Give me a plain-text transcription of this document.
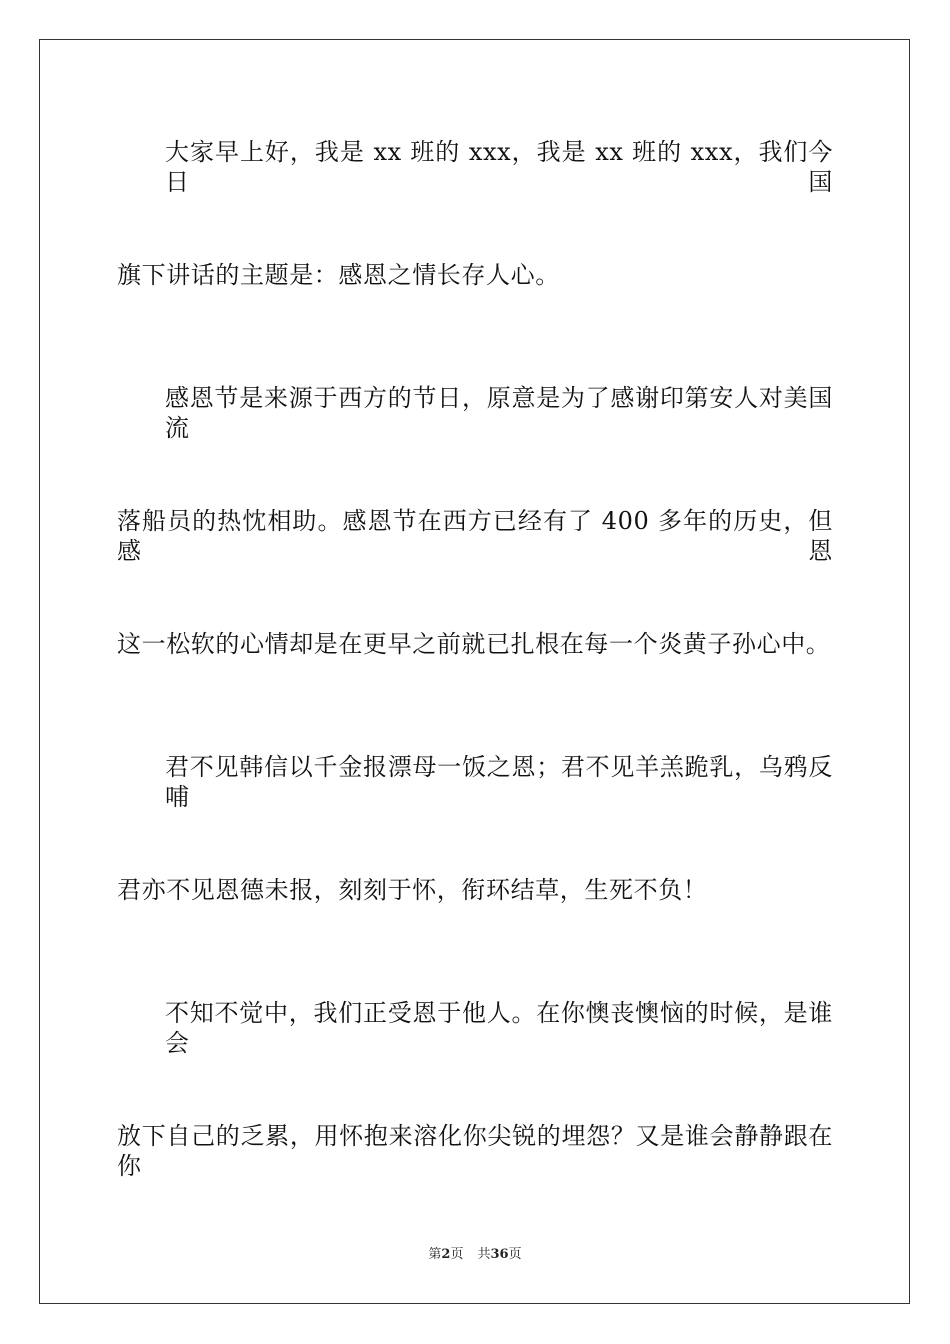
大家早上好，我是 xx 班的 xxx，我是 xx 班的 xxx，我们今日国
旗下讲话的主题是：感恩之情长存人心。
感恩节是来源于西方的节日，原意是为了感谢印第安人对美国流
落船员的热忱相助。感恩节在西方已经有了 400 多年的历史，但感恩
这一松软的心情却是在更早之前就已扎根在每一个炎黄子孙心中。
君不见韩信以千金报漂母一饭之恩；君不见羊羔跪乳，乌鸦反哺
君亦不见恩德未报，刻刻于怀，衔环结草，生死不负！
不知不觉中，我们正受恩于他人。在你懊丧懊恼的时候，是谁会
放下自己的乏累，用怀抱来溶化你尖锐的埋怨？又是谁会静静跟在你
第2页 共36页
